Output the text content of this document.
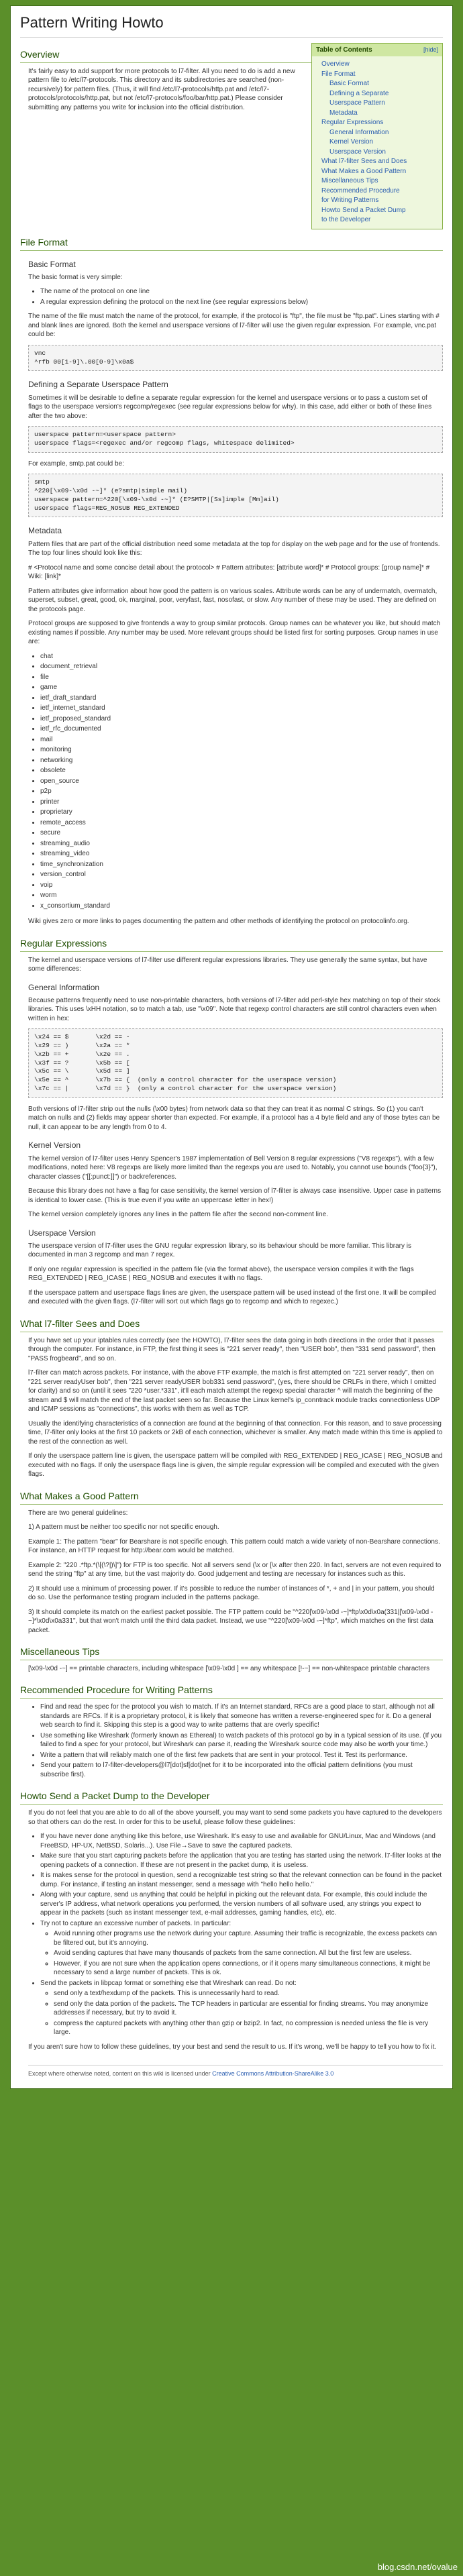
Pattern Writing Howto
Table of Contents	[hide]
Overview
File Format
Basic Format
Defining a Separate
Userspace Pattern
Metadata
Regular Expressions
General Information
Kernel Version
Userspace Version
What l7-filter Sees and Does
What Makes a Good Pattern
Miscellaneous Tips
Recommended Procedure
for Writing Patterns
Howto Send a Packet Dump
to the Developer
Overview

It's fairly easy to add support for more protocols to l7-filter. All you need to do is add a new pattern file to /etc/l7-protocols. This directory and its subdirectories are searched (non-recursively) for pattern files. (Thus, it will find /etc/l7-protocols/http.pat and /etc/l7-protocols/protocols/http.pat, but not /etc/l7-protocols/foo/bar/http.pat.) Please consider submitting any patterns you write for inclusion into the official distribution.

File Format
Basic Format

The basic format is very simple:

• The name of the protocol on one line
• A regular expression defining the protocol on the next line (see regular expressions below)

The name of the file must match the name of the protocol, for example, if the protocol is "ftp", the file must be "ftp.pat". Lines starting with # and blank lines are ignored. Both the kernel and userspace versions of l7-filter will use the given regular expression. For example, vnc.pat could be:

vnc
^rfb 00[1-9]\.00[0-9]\x0a$
Defining a Separate Userspace Pattern

Sometimes it will be desirable to define a separate regular expression for the kernel and userspace versions or to pass a custom set of flags to the userspace version's regcomp/regexec (see regular expressions below for why). In this case, add either or both of these lines after the two above:

userspace pattern=<userspace pattern>
userspace flags=<regexec and/or regcomp flags, whitespace delimited>

For example, smtp.pat could be:

smtp
^220[\x09-\x0d -~]* (e?smtp|simple mail)
userspace pattern=^220[\x09-\x0d -~]* (E?SMTP|[Ss]imple [Mm]ail)
userspace flags=REG_NOSUB REG_EXTENDED
Metadata

Pattern files that are part of the official distribution need some metadata at the top for display on the web page and for the use of frontends. The top four lines should look like this:

# <Protocol name and some concise detail about the protocol> # Pattern attributes: [attribute word]* # Protocol groups: [group name]* # Wiki: [link]*

Pattern attributes give information about how good the pattern is on various scales. Attribute words can be any of undermatch, overmatch, superset, subset, great, good, ok, marginal, poor, veryfast, fast, nosofast, or slow. Any number of these may be used. They are defined on the protocols page.

Protocol groups are supposed to give frontends a way to group similar protocols. Group names can be whatever you like, but should match existing names if possible. Any number may be used. More relevant groups should be listed first for sorting purposes. Group names in use are:

• chat
• document_retrieval
• file
• game
• ietf_draft_standard
• ietf_internet_standard
• ietf_proposed_standard
• ietf_rfc_documented
• mail
• monitoring
• networking
• obsolete
• open_source
• p2p
• printer
• proprietary
• remote_access
• secure
• streaming_audio
• streaming_video
• time_synchronization
• version_control
• voip
• worm
• x_consortium_standard

Wiki gives zero or more links to pages documenting the pattern and other methods of identifying the protocol on protocolinfo.org.

Regular Expressions

The kernel and userspace versions of l7-filter use different regular expressions libraries. They use generally the same syntax, but have some differences:

General Information

Because patterns frequently need to use non-printable characters, both versions of l7-filter add perl-style hex matching on top of their stock libraries. This uses \xHH notation, so to match a tab, use "\x09". Note that regexp control characters are still control characters even when written in hex:

\x24 == $       \x2d == -
\x29 == )       \x2a == *
\x2b == +       \x2e == .
\x3f == ?       \x5b == [
\x5c == \       \x5d == ]
\x5e == ^       \x7b == {  (only a control character for the userspace version)
\x7c == |       \x7d == }  (only a control character for the userspace version)

Both versions of l7-filter strip out the nulls (\x00 bytes) from network data so that they can treat it as normal C strings. So (1) you can't match on nulls and (2) fields may appear shorter than expected. For example, if a protocol has a 4 byte field and any of those bytes can be null, it can appear to be any length from 0 to 4.

Kernel Version

The kernel version of l7-filter uses Henry Spencer's 1987 implementation of Bell Version 8 regular expressions ("V8 regexps"), with a few modifications, noted here: V8 regexps are likely more limited than the regexps you are used to. Notably, you cannot use bounds ("foo{3}"), character classes ("[[:punct:]]") or backreferences.

Because this library does not have a flag for case sensitivity, the kernel version of l7-filter is always case insensitive. Upper case in patterns is identical to lower case. (This is true even if you write an uppercase letter in hex!)

The kernel version completely ignores any lines in the pattern file after the second non-comment line.

Userspace Version

The userspace version of l7-filter uses the GNU regular expression library, so its behaviour should be more familiar. This library is documented in man 3 regcomp and man 7 regex.

If only one regular expression is specified in the pattern file (via the format above), the userspace version compiles it with the flags REG_EXTENDED | REG_ICASE | REG_NOSUB and executes it with no flags.

If the userspace pattern and userspace flags lines are given, the userspace pattern will be used instead of the first one. It will be compiled and executed with the given flags. (l7-filter will sort out which flags go to regcomp and which to regexec.)

What l7-filter Sees and Does

If you have set up your iptables rules correctly (see the HOWTO), l7-filter sees the data going in both directions in the order that it passes through the computer. For instance, in FTP, the first thing it sees is "221 server ready", then "USER bob", then "331 send password", then "PASS frogbeard", and so on.

l7-filter can match across packets. For instance, with the above FTP example, the match is first attempted on "221 server ready", then on "221 server readyUser bob", then "221 server readyUSER bob331 send password", (yes, there should be CRLFs in there, which I omitted for clarity) and so on (until it sees "220 *user.*331", it'll each match attempt the regexp special character ^ will match the beginning of the stream and $ will match the end of the last packet seen so far. Because the Linux kernel's ip_conntrack module tracks connectionless UDP and ICMP sessions as "connections", this works with them as well as TCP.

Usually the identifying characteristics of a connection are found at the beginning of that connection. For this reason, and to save processing time, l7-filter only looks at the first 10 packets or 2kB of each connection, whichever is smaller. Any match made within this time is applied to the rest of the connection as well.

If only the userspace pattern line is given, the userspace pattern will be compiled with REG_EXTENDED | REG_ICASE | REG_NOSUB and executed with no flags. If only the userspace flags line is given, the simple regular expression will be compiled and executed with the given flags.

What Makes a Good Pattern

There are two general guidelines:

1) A pattern must be neither too specific nor not specific enough.

Example 1: The pattern "bear" for Bearshare is not specific enough. This pattern could match a wide variety of non-Bearshare connections. For instance, an HTTP request for http://bear.com would be matched.

Example 2: "220 .*ftp.*(\[(\?|)\]") for FTP is too specific. Not all servers send (\x or [\x after then 220. In fact, servers are not even required to send the string "ftp" at any time, but the vast majority do. Good judgement and testing are necessary for instances such as this.

2) It should use a minimum of processing power. If it's possible to reduce the number of instances of *, + and | in your pattern, you should do so. Use the performance testing program included in the patterns package.

3) It should complete its match on the earliest packet possible. The FTP pattern could be "^220[\x09-\x0d -~]*ftp\x0d\x0a(331|[\x09-\x0d -~]*\x0d\x0a331", but that won't match until the third data packet. Instead, we use "^220[\x09-\x0d -~]*ftp", which matches on the first data packet.

Miscellaneous Tips

[\x09-\x0d -~] == printable characters, including whitespace [\x09-\x0d ] == any whitespace [!-~] == non-whitespace printable characters

Recommended Procedure for Writing Patterns
• Find and read the spec for the protocol you wish to match. If it's an Internet standard, RFCs are a good place to start, although not all standards are RFCs. If it is a proprietary protocol, it is likely that someone has written a reverse-engineered spec for it. Do a general web search to find it. Skipping this step is a good way to write patterns that are overly specific!
• Use something like Wireshark (formerly known as Ethereal) to watch packets of this protocol go by in a typical session of its use. (If you failed to find a spec for your protocol, but Wireshark can parse it, reading the Wireshark source code may also be worth your time.)
• Write a pattern that will reliably match one of the first few packets that are sent in your protocol. Test it. Test its performance.
• Send your pattern to l7-filter-developers@l7[dot]sf[dot]net for it to be incorporated into the official pattern definitions (you must subscribe first).
Howto Send a Packet Dump to the Developer

If you do not feel that you are able to do all of the above yourself, you may want to send some packets you have captured to the developers so that others can do the rest. In order for this to be useful, please follow these guidelines:

• If you have never done anything like this before, use Wireshark. It's easy to use and available for GNU/Linux, Mac and Windows (and FreeBSD, HP-UX, NetBSD, Solaris...). Use File→Save to save the captured packets.
• Make sure that you start capturing packets before the application that you are testing has started using the network. l7-filter looks at the opening packets of a connection. If these are not present in the packet dump, it is useless.
• It is makes sense for the protocol in question, send a recognizable test string so that the relevant connection can be found in the packet dump. For instance, if testing an instant messenger, send a message with "hello hello hello."
• Along with your capture, send us anything that could be helpful in picking out the relevant data. For example, this could include the server's IP address, what network operations you performed, the version numbers of all software used, any strings you expect to appear in the packets (such as instant messenger text, e-mail addresses, gaming handles, etc), etc.
• Try not to capture an excessive number of packets. In particular:
◦ Avoid running other programs use the network during your capture. Assuming their traffic is recognizable, the excess packets can be filtered out, but it's annoying.
◦ Avoid sending captures that have many thousands of packets from the same connection. All but the first few are useless.
◦ However, if you are not sure when the application opens connections, or if it opens many simultaneous connections, it might be necessary to send a large number of packets. This is ok.
• Send the packets in libpcap format or something else that Wireshark can read. Do not:
◦ send only a text/hexdump of the packets. This is unnecessarily hard to read.
◦ send only the data portion of the packets. The TCP headers in particular are essential for finding streams. You may anonymize addresses if necessary, but try to avoid it.
◦ compress the captured packets with anything other than gzip or bzip2. In fact, no compression is needed unless the file is very large.

If you aren't sure how to follow these guidelines, try your best and send the result to us. If it's wrong, we'll be happy to tell you how to fix it.

Except where otherwise noted, content on this wiki is licensed under Creative Commons Attribution-ShareAlike 3.0
blog.csdn.net/ovalue
